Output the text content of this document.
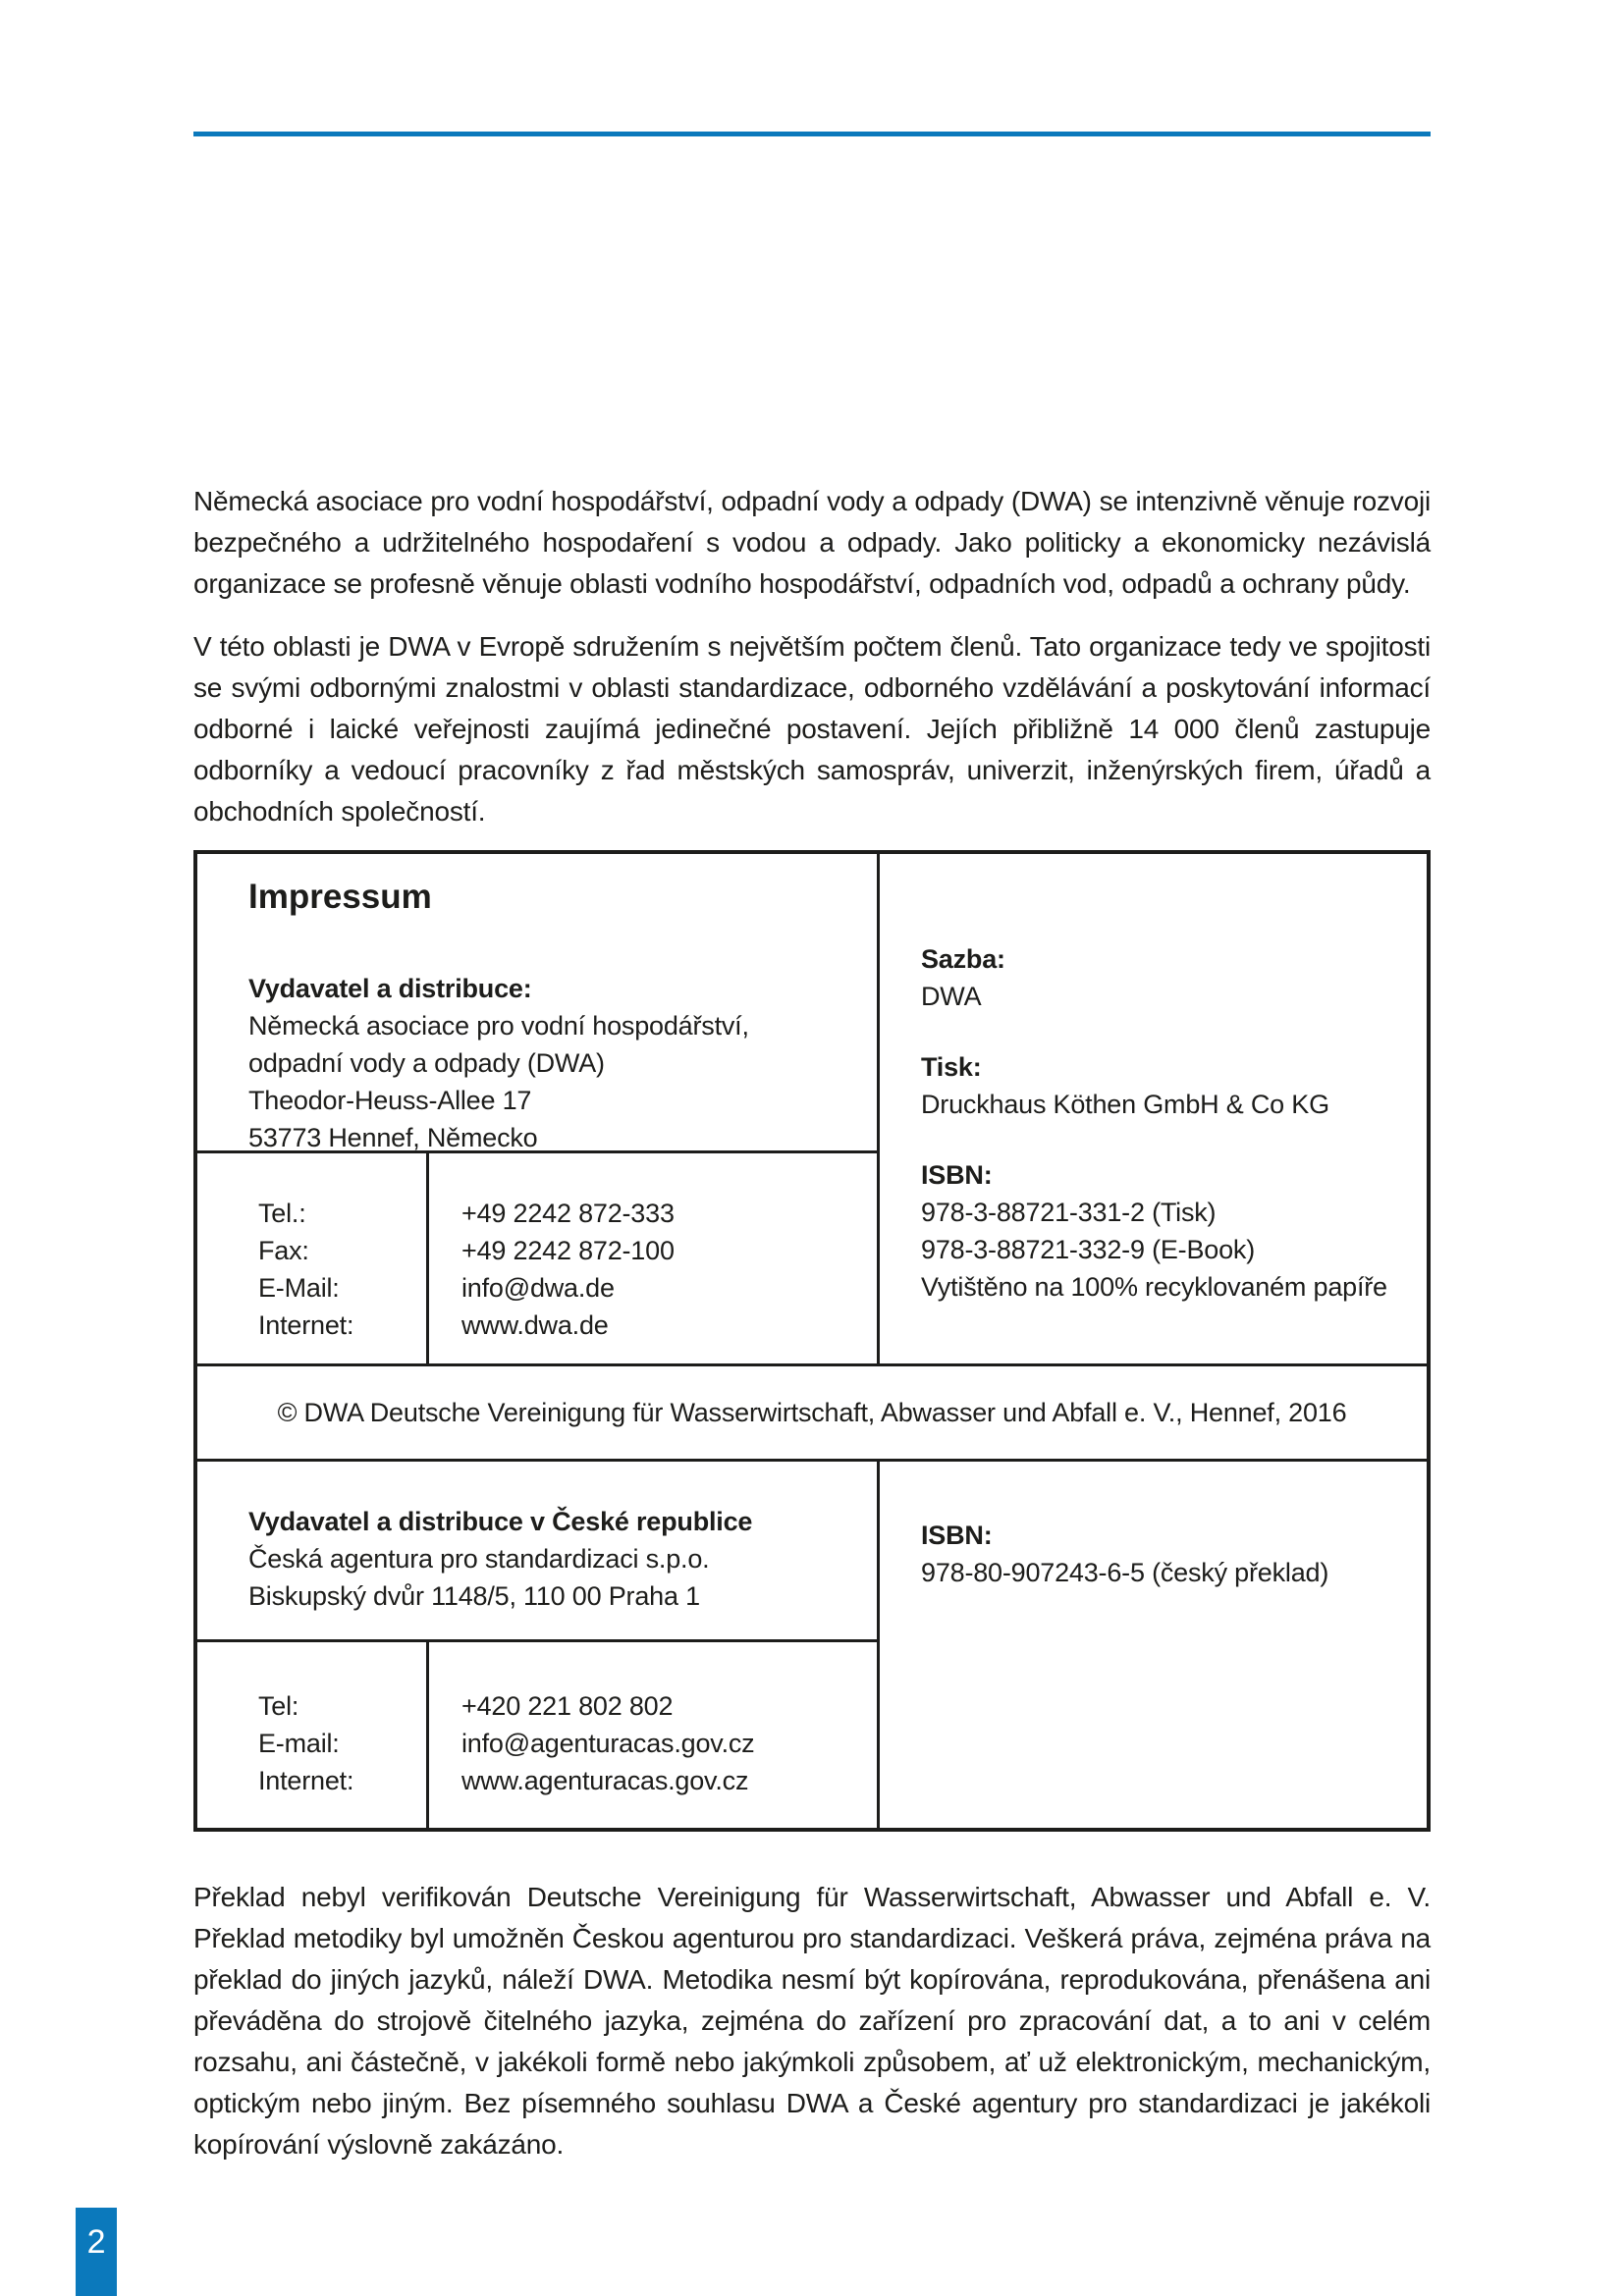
Německá asociace pro vodní hospodářství, odpadní vody a odpady (DWA) se intenzivně věnuje rozvoji bezpečného a udržitelného hospodaření s vodou a odpady. Jako politicky a ekonomicky nezávislá organizace se profesně věnuje oblasti vodního hospodářství, odpadních vod, odpadů a ochrany půdy.

V této oblasti je DWA v Evropě sdružením s největším počtem členů. Tato organizace tedy ve spojitosti se svými odbornými znalostmi v oblasti standardizace, odborného vzdělávání a poskytování informací odborné i laické veřejnosti zaujímá jedinečné postavení. Jejích přibližně 14 000 členů zastupuje odborníky a vedoucí pracovníky z řad městských samospráv, univerzit, inženýrských firem, úřadů a obchodních společností.

Impressum
Vydavatel a distribuce:
Německá asociace pro vodní hospodářství,
odpadní vody a odpady (DWA)
Theodor-Heuss-Allee 17
53773 Hennef, Německo
Tel.:
Fax:
E-Mail:
Internet:
+49 2242 872-333
+49 2242 872-100
info@dwa.de
www.dwa.de
Sazba:
DWA
Tisk:
Druckhaus Köthen GmbH & Co KG
ISBN:
978-3-88721-331-2 (Tisk)
978-3-88721-332-9 (E-Book)
Vytištěno na 100% recyklovaném papíře
© DWA Deutsche Vereinigung für Wasserwirtschaft, Abwasser und Abfall e. V., Hennef, 2016
Vydavatel a distribuce v České republice
Česká agentura pro standardizaci s.p.o.
Biskupský dvůr 1148/5, 110 00 Praha 1
Tel:
E-mail:
Internet:
+420 221 802 802
info@agenturacas.gov.cz
www.agenturacas.gov.cz
ISBN:
978-80-907243-6-5 (český překlad)

Překlad nebyl verifikován Deutsche Vereinigung für Wasserwirtschaft, Abwasser und Abfall e. V. Překlad metodiky byl umožněn Českou agenturou pro standardizaci. Veškerá práva, zejména práva na překlad do jiných jazyků, náleží DWA. Metodika nesmí být kopírována, reprodukována, přenášena ani převáděna do strojově čitelného jazyka, zejména do zařízení pro zpracování dat, a to ani v celém rozsahu, ani částečně, v jakékoli formě nebo jakýmkoli způsobem, ať už elektronickým, mechanickým, optickým nebo jiným. Bez písemného souhlasu DWA a České agentury pro standardizaci je jakékoli kopírování výslovně zakázáno.

2
